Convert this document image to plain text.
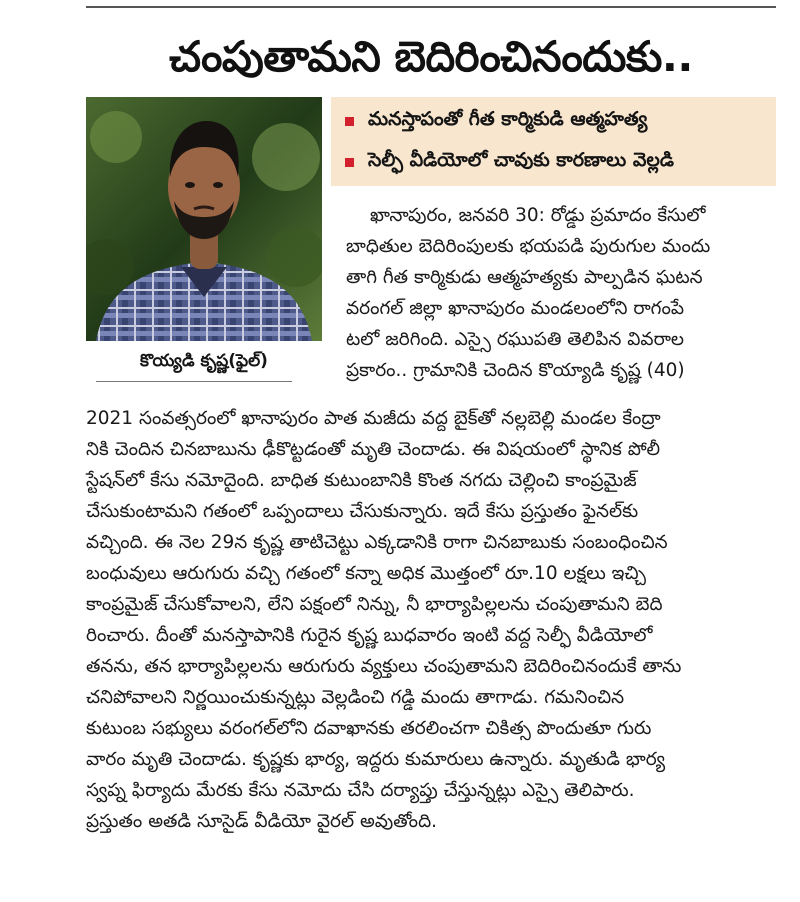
చంపుతామని బెదిరించినందుకు..
కొయ్యడి కృష్ణ(ఫైల్)
మనస్తాపంతో గీత కార్మికుడి ఆత్మహత్య
సెల్ఫీ వీడియోలో చావుకు కారణాలు వెల్లడి
ఖానాపురం, జనవరి 30: రోడ్డు ప్రమాదం కేసులో
బాధితుల బెదిరింపులకు భయపడి పురుగుల మందు
తాగి గీత కార్మికుడు ఆత్మహత్యకు పాల్పడిన ఘటన
వరంగల్ జిల్లా ఖానాపురం మండలంలోని రాగంపే
టలో జరిగింది. ఎస్సై రఘుపతి తెలిపిన వివరాల
ప్రకారం.. గ్రామానికి చెందిన కొయ్యాడి కృష్ణ (40)
2021 సంవత్సరంలో ఖానాపురం పాత మజీదు వద్ద బైక్‌తో నల్లబెల్లి మండల కేంద్రా
నికి చెందిన చినబాబును ఢీకొట్టడంతో మృతి చెందాడు. ఈ విషయంలో స్థానిక పోలీ
స్టేషన్‌లో కేసు నమోదైంది. బాధిత కుటుంబానికి కొంత నగదు చెల్లించి కాంప్రమైజ్
చేసుకుంటామని గతంలో ఒప్పందాలు చేసుకున్నారు. ఇదే కేసు ప్రస్తుతం ఫైనల్‌కు
వచ్చింది. ఈ నెల 29న కృష్ణ తాటిచెట్టు ఎక్కడానికి రాగా చినబాబుకు సంబంధించిన
బంధువులు ఆరుగురు వచ్చి గతంలో కన్నా అధిక మొత్తంలో రూ.10 లక్షలు ఇచ్చి
కాంప్రమైజ్ చేసుకోవాలని, లేని పక్షంలో నిన్ను, నీ భార్యాపిల్లలను చంపుతామని బెది
రించారు. దీంతో మనస్తాపానికి గురైన కృష్ణ బుధవారం ఇంటి వద్ద సెల్ఫీ వీడియోలో
తనను, తన భార్యాపిల్లలను ఆరుగురు వ్యక్తులు చంపుతామని బెదిరించినందుకే తాను
చనిపోవాలని నిర్ణయించుకున్నట్లు వెల్లడించి గడ్డి మందు తాగాడు. గమనించిన
కుటుంబ సభ్యులు వరంగల్‌లోని దవాఖానకు తరలించగా చికిత్స పొందుతూ గురు
వారం మృతి చెందాడు. కృష్ణకు భార్య, ఇద్దరు కుమారులు ఉన్నారు. మృతుడి భార్య
స్వప్న ఫిర్యాదు మేరకు కేసు నమోదు చేసి దర్యాప్తు చేస్తున్నట్లు ఎస్సై తెలిపారు.
ప్రస్తుతం అతడి సూసైడ్ వీడియో వైరల్ అవుతోంది.
